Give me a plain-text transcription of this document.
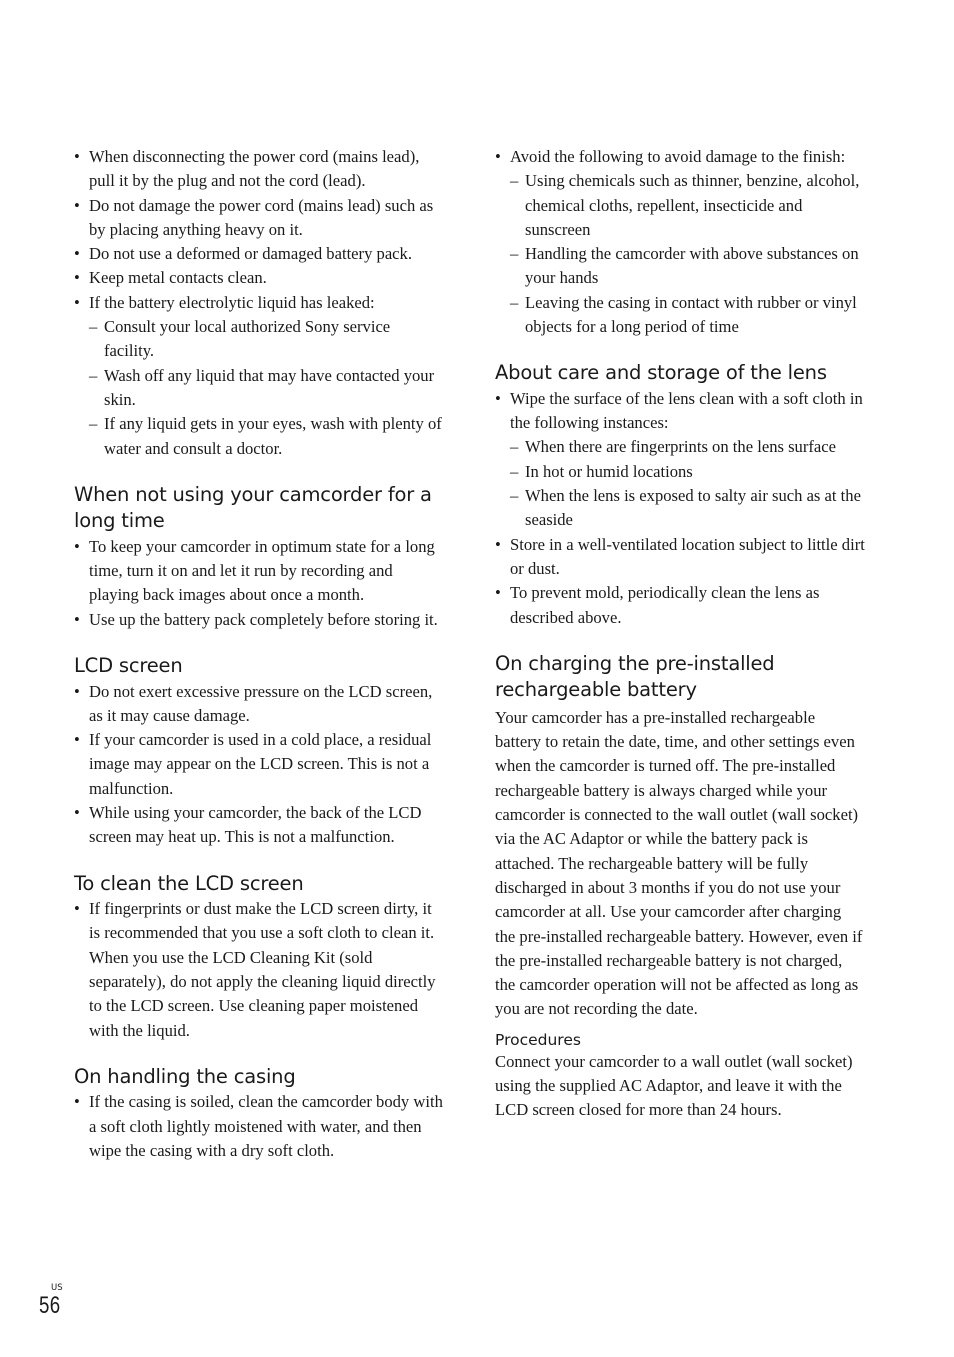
• When disconnecting the power cord (mains lead), pull it by the plug and not the cord (lead).
• Do not damage the power cord (mains lead) such as by placing anything heavy on it.
• Do not use a deformed or damaged battery pack.
• Keep metal contacts clean.
• If the battery electrolytic liquid has leaked:
– Consult your local authorized Sony service facility.
– Wash off any liquid that may have contacted your skin.
– If any liquid gets in your eyes, wash with plenty of water and consult a doctor.
When not using your camcorder for a long time
• To keep your camcorder in optimum state for a long time, turn it on and let it run by recording and playing back images about once a month.
• Use up the battery pack completely before storing it.
LCD screen
• Do not exert excessive pressure on the LCD screen, as it may cause damage.
• If your camcorder is used in a cold place, a residual image may appear on the LCD screen. This is not a malfunction.
• While using your camcorder, the back of the LCD screen may heat up. This is not a malfunction.
To clean the LCD screen
• If fingerprints or dust make the LCD screen dirty, it is recommended that you use a soft cloth to clean it. When you use the LCD Cleaning Kit (sold separately), do not apply the cleaning liquid directly to the LCD screen. Use cleaning paper moistened with the liquid.
On handling the casing
• If the casing is soiled, clean the camcorder body with a soft cloth lightly moistened with water, and then wipe the casing with a dry soft cloth.
• Avoid the following to avoid damage to the finish:
– Using chemicals such as thinner, benzine, alcohol, chemical cloths, repellent, insecticide and sunscreen
– Handling the camcorder with above substances on your hands
– Leaving the casing in contact with rubber or vinyl objects for a long period of time
About care and storage of the lens
• Wipe the surface of the lens clean with a soft cloth in the following instances:
– When there are fingerprints on the lens surface
– In hot or humid locations
– When the lens is exposed to salty air such as at the seaside
• Store in a well-ventilated location subject to little dirt or dust.
• To prevent mold, periodically clean the lens as described above.
On charging the pre-installed rechargeable battery

Your camcorder has a pre-installed rechargeable battery to retain the date, time, and other settings even when the camcorder is turned off. The pre-installed rechargeable battery is always charged while your camcorder is connected to the wall outlet (wall socket) via the AC Adaptor or while the battery pack is attached. The rechargeable battery will be fully discharged in about 3 months if you do not use your camcorder at all. Use your camcorder after charging the pre-installed rechargeable battery. However, even if the pre-installed rechargeable battery is not charged, the camcorder operation will not be affected as long as you are not recording the date.

Procedures

Connect your camcorder to a wall outlet (wall socket) using the supplied AC Adaptor, and leave it with the LCD screen closed for more than 24 hours.

US
56
